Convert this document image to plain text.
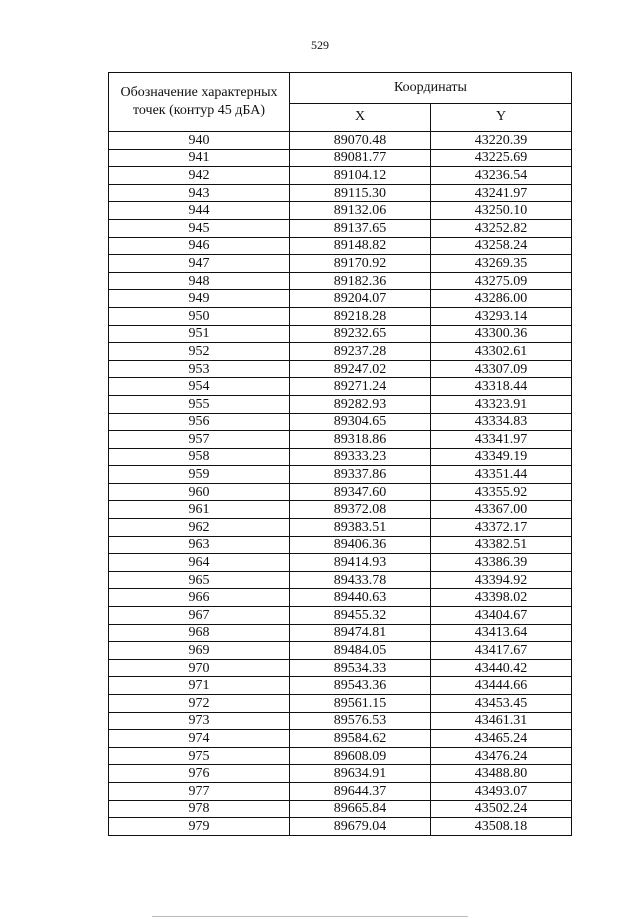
529
Обозначение характерных точек (контур 45 дБА)	Координаты	
	X	Y
940	89070.48	43220.39
941	89081.77	43225.69
942	89104.12	43236.54
943	89115.30	43241.97
944	89132.06	43250.10
945	89137.65	43252.82
946	89148.82	43258.24
947	89170.92	43269.35
948	89182.36	43275.09
949	89204.07	43286.00
950	89218.28	43293.14
951	89232.65	43300.36
952	89237.28	43302.61
953	89247.02	43307.09
954	89271.24	43318.44
955	89282.93	43323.91
956	89304.65	43334.83
957	89318.86	43341.97
958	89333.23	43349.19
959	89337.86	43351.44
960	89347.60	43355.92
961	89372.08	43367.00
962	89383.51	43372.17
963	89406.36	43382.51
964	89414.93	43386.39
965	89433.78	43394.92
966	89440.63	43398.02
967	89455.32	43404.67
968	89474.81	43413.64
969	89484.05	43417.67
970	89534.33	43440.42
971	89543.36	43444.66
972	89561.15	43453.45
973	89576.53	43461.31
974	89584.62	43465.24
975	89608.09	43476.24
976	89634.91	43488.80
977	89644.37	43493.07
978	89665.84	43502.24
979	89679.04	43508.18
